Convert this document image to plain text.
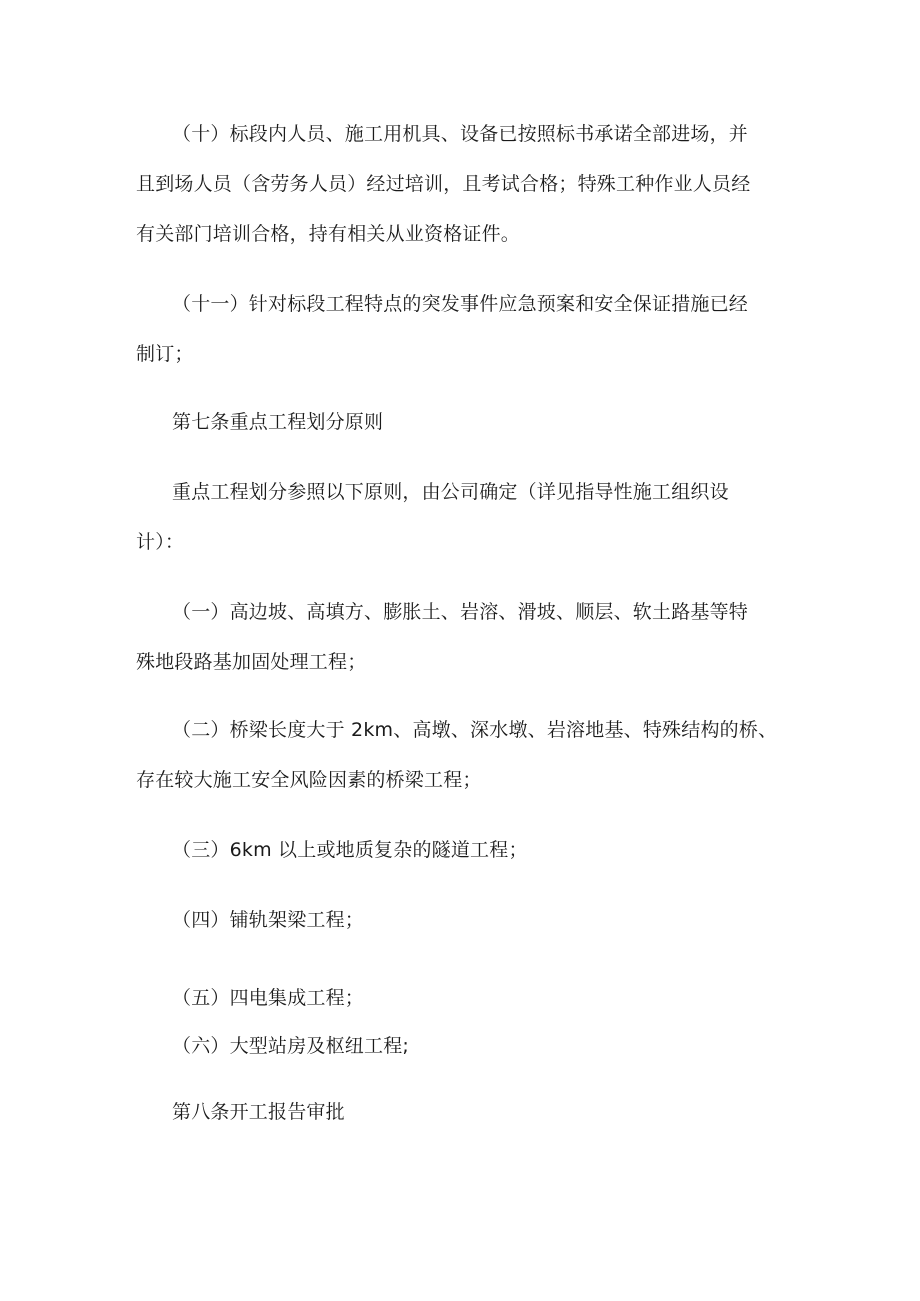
（十）标段内人员、施工用机具、设备已按照标书承诺全部进场，并
且到场人员（含劳务人员）经过培训，且考试合格；特殊工种作业人员经
有关部门培训合格，持有相关从业资格证件。
（十一）针对标段工程特点的突发事件应急预案和安全保证措施已经
制订；
第七条重点工程划分原则
重点工程划分参照以下原则，由公司确定（详见指导性施工组织设
计）：
（一）高边坡、高填方、膨胀土、岩溶、滑坡、顺层、软土路基等特
殊地段路基加固处理工程；
（二）桥梁长度大于 2km、高墩、深水墩、岩溶地基、特殊结构的桥、
存在较大施工安全风险因素的桥梁工程；
（三）6km 以上或地质复杂的隧道工程；
（四）铺轨架梁工程；
（五）四电集成工程；
（六）大型站房及枢纽工程;
第八条开工报告审批
